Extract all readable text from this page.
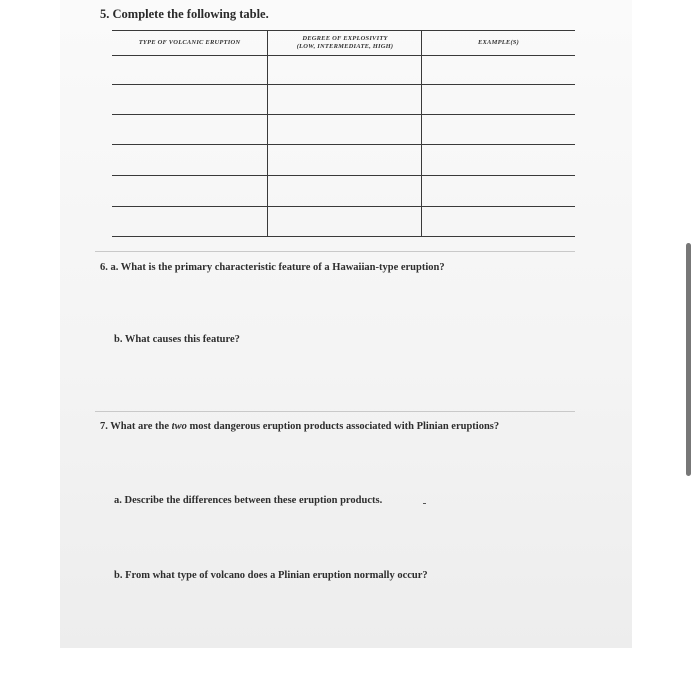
5. Complete the following table.
TYPE OF VOLCANIC ERUPTION
DEGREE OF EXPLOSIVITY
(LOW, INTERMEDIATE, HIGH)
EXAMPLE(S)
6. a. What is the primary characteristic feature of a Hawaiian-type eruption?
b. What causes this feature?
7. What are the two most dangerous eruption products associated with Plinian eruptions?
a. Describe the differences between these eruption products.
b. From what type of volcano does a Plinian eruption normally occur?
